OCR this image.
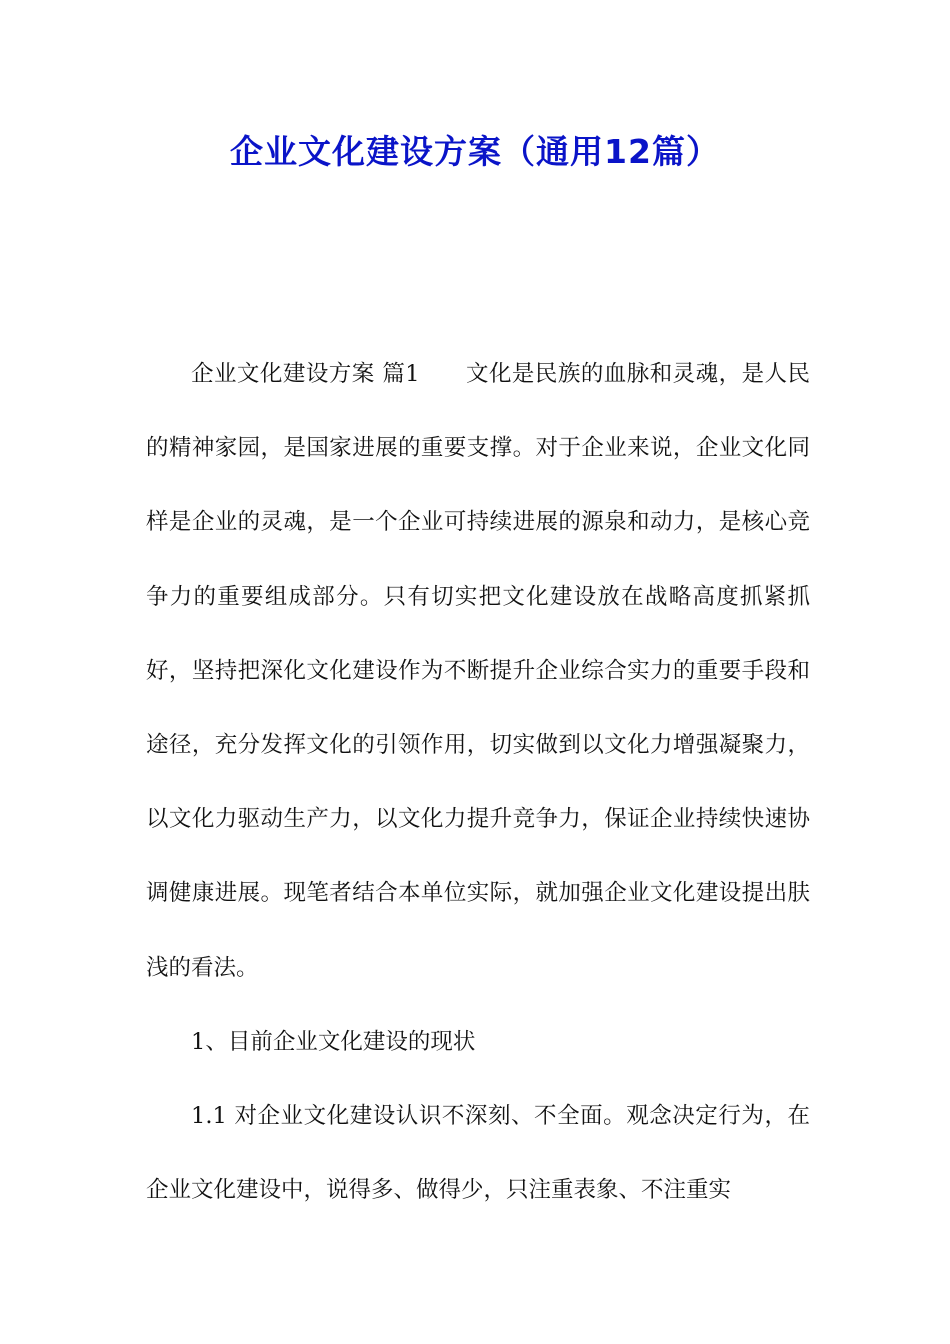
企业文化建设方案（通用12篇）

企业文化建设方案 篇1　　文化是民族的血脉和灵魂，是人民的精神家园，是国家进展的重要支撑。对于企业来说，企业文化同样是企业的灵魂，是一个企业可持续进展的源泉和动力，是核心竞争力的重要组成部分。只有切实把文化建设放在战略高度抓紧抓好，坚持把深化文化建设作为不断提升企业综合实力的重要手段和途径，充分发挥文化的引领作用，切实做到以文化力增强凝聚力，以文化力驱动生产力，以文化力提升竞争力，保证企业持续快速协调健康进展。现笔者结合本单位实际，就加强企业文化建设提出肤浅的看法。

1、目前企业文化建设的现状

1.1 对企业文化建设认识不深刻、不全面。观念决定行为，在企业文化建设中，说得多、做得少，只注重表象、不注重实
